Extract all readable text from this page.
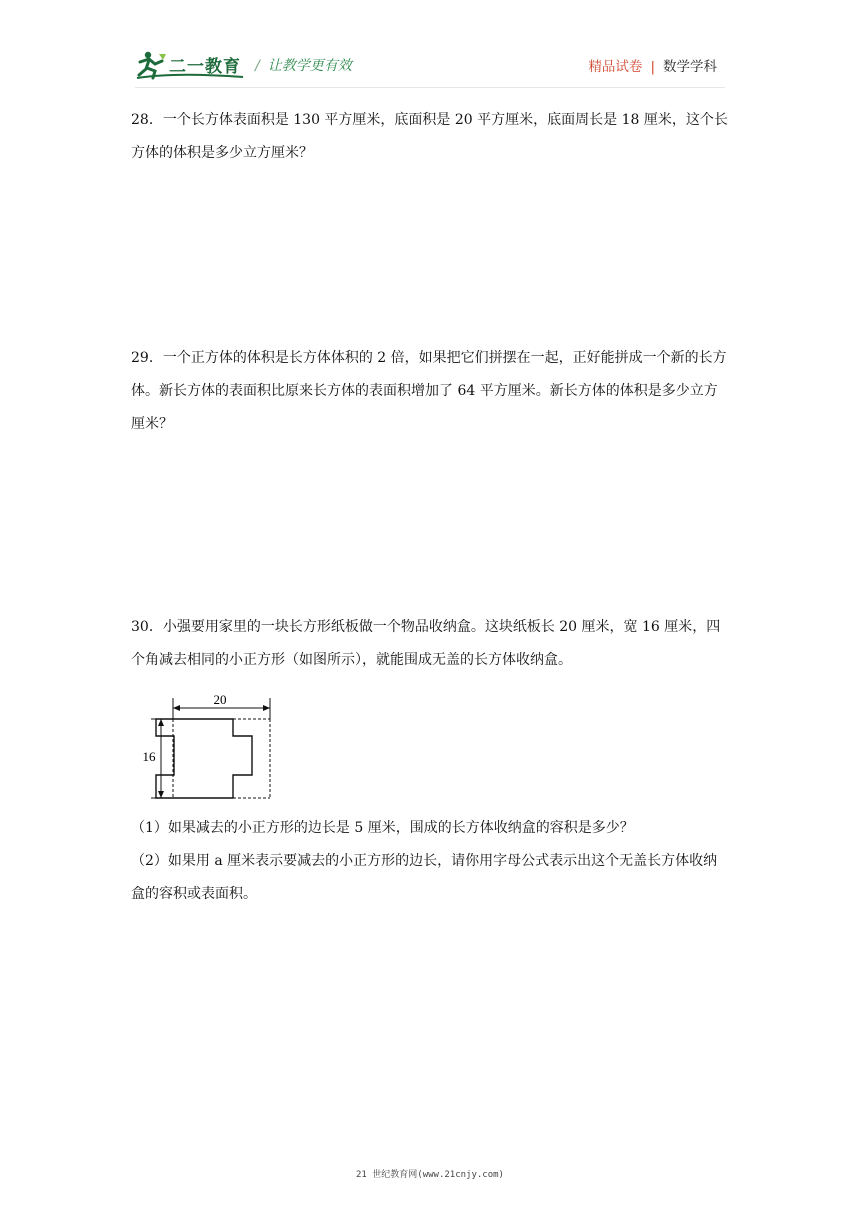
二一教育 / 让教学更有效	精品试卷 | 数学学科
28．一个长方体表面积是 130 平方厘米，底面积是 20 平方厘米，底面周长是 18 厘米，这个长方体的体积是多少立方厘米？
29．一个正方体的体积是长方体体积的 2 倍，如果把它们拼摆在一起，正好能拼成一个新的长方体。新长方体的表面积比原来长方体的表面积增加了 64 平方厘米。新长方体的体积是多少立方厘米？
30．小强要用家里的一块长方形纸板做一个物品收纳盒。这块纸板长 20 厘米，宽 16 厘米，四个角减去相同的小正方形（如图所示），就能围成无盖的长方体收纳盒。
20
16
（1）如果减去的小正方形的边长是 5 厘米，围成的长方体收纳盒的容积是多少？
（2）如果用 a 厘米表示要减去的小正方形的边长，请你用字母公式表示出这个无盖长方体收纳盒的容积或表面积。
21 世纪教育网(www.21cnjy.com)
